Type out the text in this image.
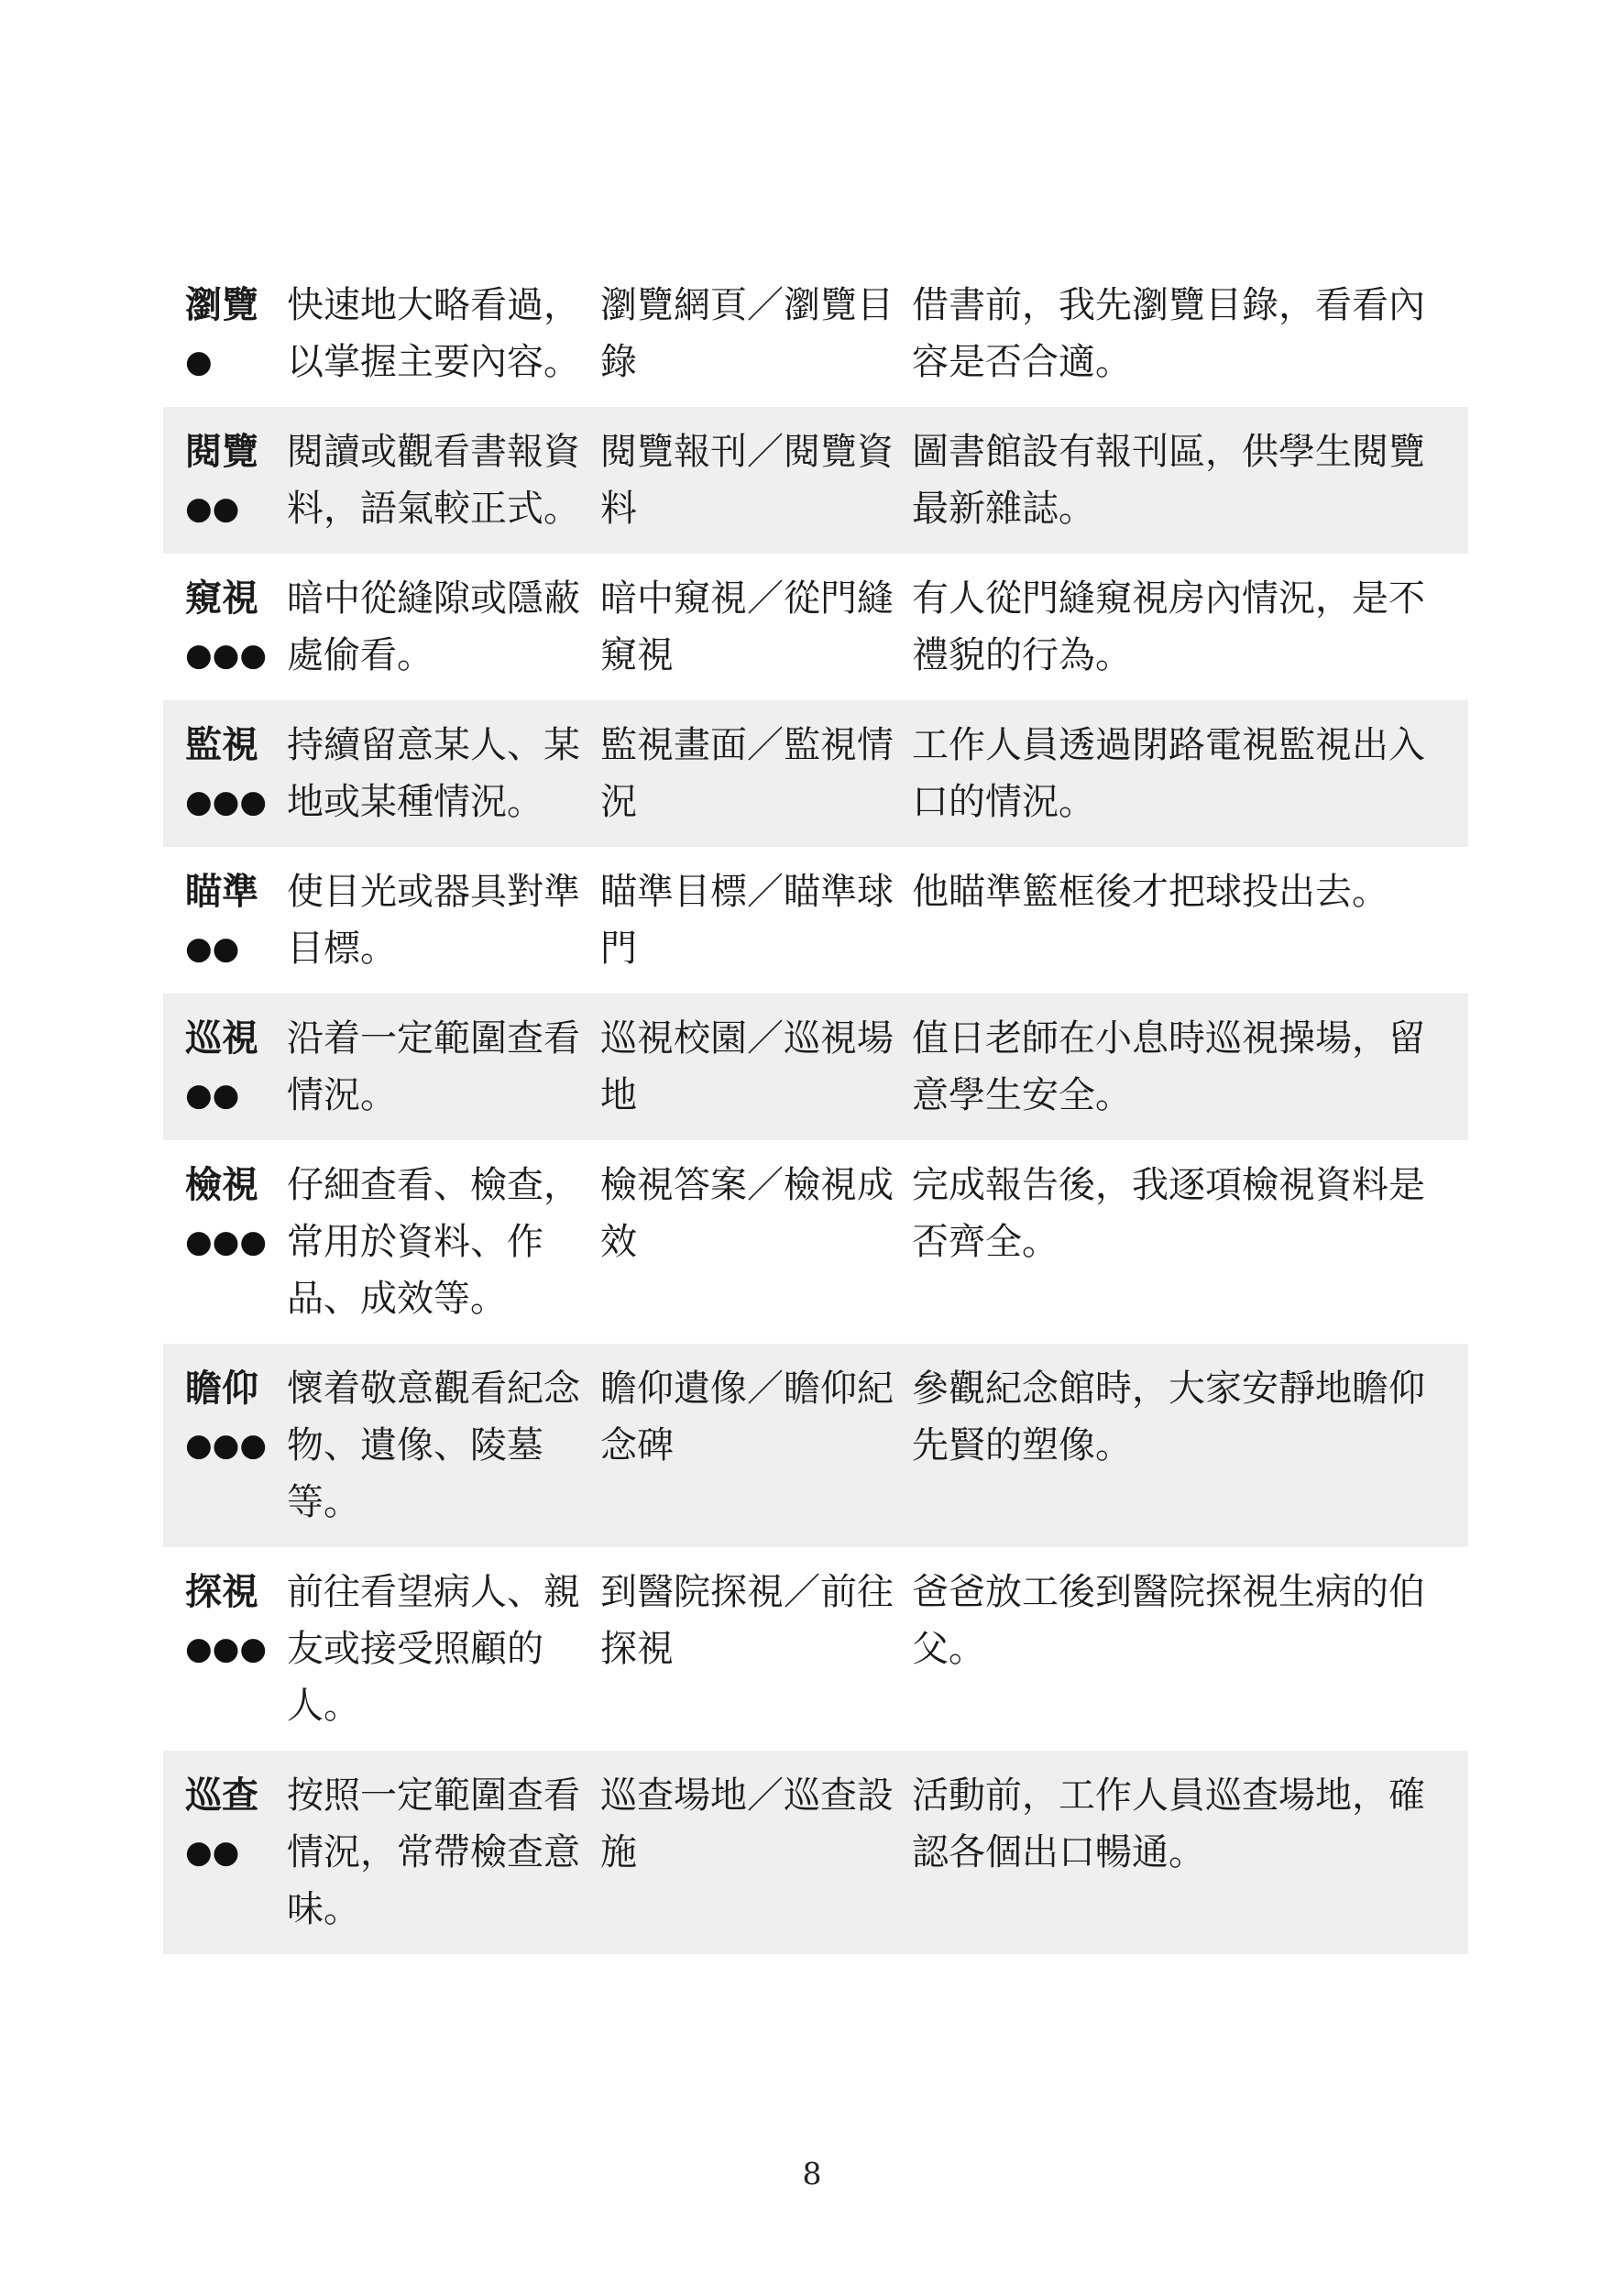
瀏覽
●	快速地大略看過，以掌握主要內容。	瀏覽網頁／瀏覽目錄	借書前，我先瀏覽目錄，看看內容是否合適。

閱覽
●●	閱讀或觀看書報資料，語氣較正式。	閱覽報刊／閱覽資料	圖書館設有報刊區，供學生閱覽最新雜誌。

窺視
●●●	暗中從縫隙或隱蔽處偷看。	暗中窺視／從門縫窺視	有人從門縫窺視房內情況，是不禮貌的行為。

監視
●●●	持續留意某人、某地或某種情況。	監視畫面／監視情況	工作人員透過閉路電視監視出入口的情況。

瞄準
●●	使目光或器具對準目標。	瞄準目標／瞄準球門	他瞄準籃框後才把球投出去。

巡視
●●	沿着一定範圍查看情況。	巡視校園／巡視場地	值日老師在小息時巡視操場，留意學生安全。

檢視
●●●	仔細查看、檢查，常用於資料、作品、成效等。	檢視答案／檢視成效	完成報告後，我逐項檢視資料是否齊全。

瞻仰
●●●	懷着敬意觀看紀念物、遺像、陵墓等。	瞻仰遺像／瞻仰紀念碑	參觀紀念館時，大家安靜地瞻仰先賢的塑像。

探視
●●●	前往看望病人、親友或接受照顧的人。	到醫院探視／前往探視	爸爸放工後到醫院探視生病的伯父。

巡查
●●	按照一定範圍查看情況，常帶檢查意味。	巡查場地／巡查設施	活動前，工作人員巡查場地，確認各個出口暢通。
8
